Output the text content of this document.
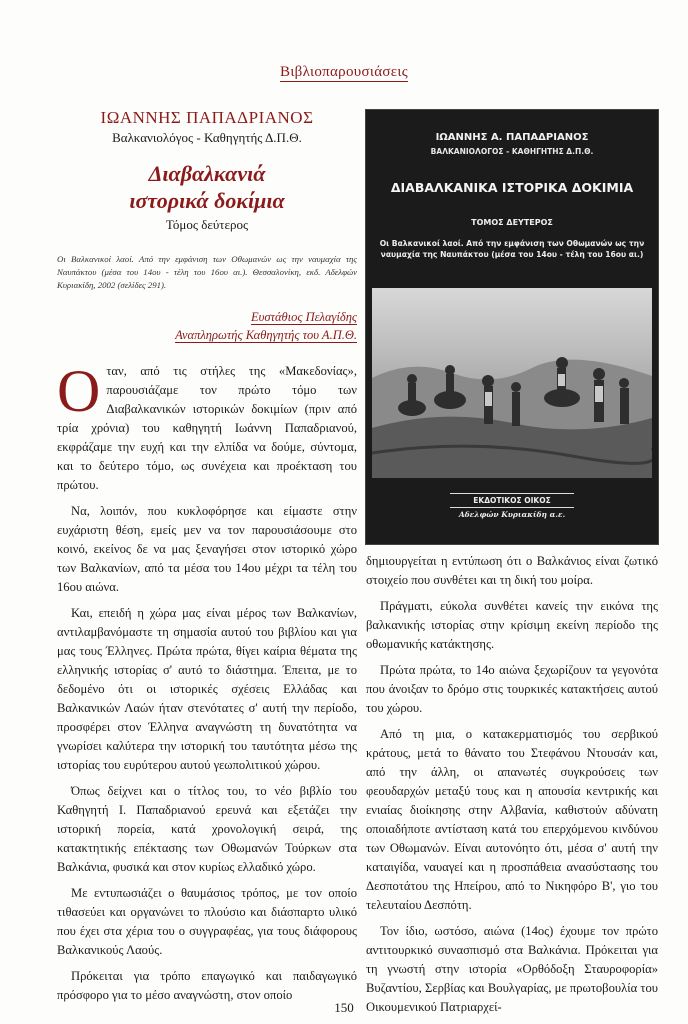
Βιβλιοπαρουσιάσεις

ΙΩΑΝΝΗΣ ΠΑΠΑΔΡΙΑΝΟΣ

Βαλκανιολόγος - Καθηγητής Δ.Π.Θ.

Διαβαλκανιά
ιστορικά δοκίμια

Τόμος δεύτερος

Οι Βαλκανικοί λαοί. Από την εμφάνιση των Οθωμανών ως την ναυμαχία της Ναυπάκτου (μέσα του 14ου - τέλη του 16ου αι.). Θεσσαλονίκη, εκδ. Αδελφών Κυριακίδη, 2002 (σελίδες 291).

Ευστάθιος Πελαγίδης
Αναπληρωτής Καθηγητής του Α.Π.Θ.

Οταν, από τις στήλες της «Μακεδονίας», παρουσιάζαμε τον πρώτο τόμο των Διαβαλκανικών ιστορικών δοκιμίων (πριν από τρία χρόνια) του καθηγητή Ιωάννη Παπαδριανού, εκφράζαμε την ευχή και την ελπίδα να δούμε, σύντομα, και το δεύτερο τόμο, ως συνέχεια και προέκταση του πρώτου.

Να, λοιπόν, που κυκλοφόρησε και είμαστε στην ευχάριστη θέση, εμείς μεν να τον παρουσιάσουμε στο κοινό, εκείνος δε να μας ξεναγήσει στον ιστορικό χώρο των Βαλκανίων, από τα μέσα του 14ου μέχρι τα τέλη του 16ου αιώνα.

Και, επειδή η χώρα μας είναι μέρος των Βαλκανίων, αντιλαμβανόμαστε τη σημασία αυτού του βιβλίου και για μας τους Έλληνες. Πρώτα πρώτα, θίγει καίρια θέματα της ελληνικής ιστορίας σ' αυτό το διάστημα. Έπειτα, με το δεδομένο ότι οι ιστορικές σχέσεις Ελλάδας και Βαλκανικών Λαών ήταν στενότατες σ' αυτή την περίοδο, προσφέρει στον Έλληνα αναγνώστη τη δυνατότητα να γνωρίσει καλύτερα την ιστορική του ταυτότητα μέσω της ιστορίας του ευρύτερου αυτού γεωπολιτικού χώρου.

Όπως δείχνει και ο τίτλος του, το νέο βιβλίο του Καθηγητή Ι. Παπαδριανού ερευνά και εξετάζει την ιστορική πορεία, κατά χρονολογική σειρά, της κατακτητικής επέκτασης των Οθωμανών Τούρκων στα Βαλκάνια, φυσικά και στον κυρίως ελλαδικό χώρο.

Με εντυπωσιάζει ο θαυμάσιος τρόπος, με τον οποίο τιθασεύει και οργανώνει το πλούσιο και διάσπαρτο υλικό που έχει στα χέρια του ο συγγραφέας, για τους διάφορους Βαλκανικούς Λαούς.

Πρόκειται για τρόπο επαγωγικό και παιδαγωγικό πρόσφορο για το μέσο αναγνώστη, στον οποίο

ΙΩΑΝΝΗΣ Α. ΠΑΠΑΔΡΙΑΝΟΣ
ΒΑΛΚΑΝΙΟΛΟΓΟΣ - ΚΑΘΗΓΗΤΗΣ Δ.Π.Θ.
ΔΙΑΒΑΛΚΑΝΙΚΑ ΙΣΤΟΡΙΚΑ ΔΟΚΙΜΙΑ
ΤΟΜΟΣ ΔΕΥΤΕΡΟΣ
Οι Βαλκανικοί λαοί. Από την εμφάνιση των Οθωμανών ως την ναυμαχία της Ναυπάκτου (μέσα του 14ου - τέλη του 16ου αι.)
ΕΚΔΟΤΙΚΟΣ ΟΙΚΟΣ
Αδελφών Κυριακίδη α.ε.

δημιουργείται η εντύπωση ότι ο Βαλκάνιος είναι ζωτικό στοιχείο που συνθέτει και τη δική του μοίρα.

Πράγματι, εύκολα συνθέτει κανείς την εικόνα της βαλκανικής ιστορίας στην κρίσιμη εκείνη περίοδο της οθωμανικής κατάκτησης.

Πρώτα πρώτα, το 14ο αιώνα ξεχωρίζουν τα γεγονότα που άνοιξαν το δρόμο στις τουρκικές κατακτήσεις αυτού του χώρου.

Από τη μια, ο κατακερματισμός του σερβικού κράτους, μετά το θάνατο του Στεφάνου Ντουσάν και, από την άλλη, οι απανωτές συγκρούσεις των φεουδαρχών μεταξύ τους και η απουσία κεντρικής και ενιαίας διοίκησης στην Αλβανία, καθιστούν αδύνατη οποιαδήποτε αντίσταση κατά του επερχόμενου κινδύνου των Οθωμανών. Είναι αυτονόητο ότι, μέσα σ' αυτή την καταιγίδα, ναυαγεί και η προσπάθεια ανασύστασης του Δεσποτάτου της Ηπείρου, από το Νικηφόρο Β', γιο του τελευταίου Δεσπότη.

Τον ίδιο, ωστόσο, αιώνα (14ος) έχουμε τον πρώτο αντιτουρκικό συνασπισμό στα Βαλκάνια. Πρόκειται για τη γνωστή στην ιστορία «Ορθόδοξη Σταυροφορία» Βυζαντίου, Σερβίας και Βουλγαρίας, με πρωτοβουλία του Οικουμενικού Πατριαρχεί-

150
